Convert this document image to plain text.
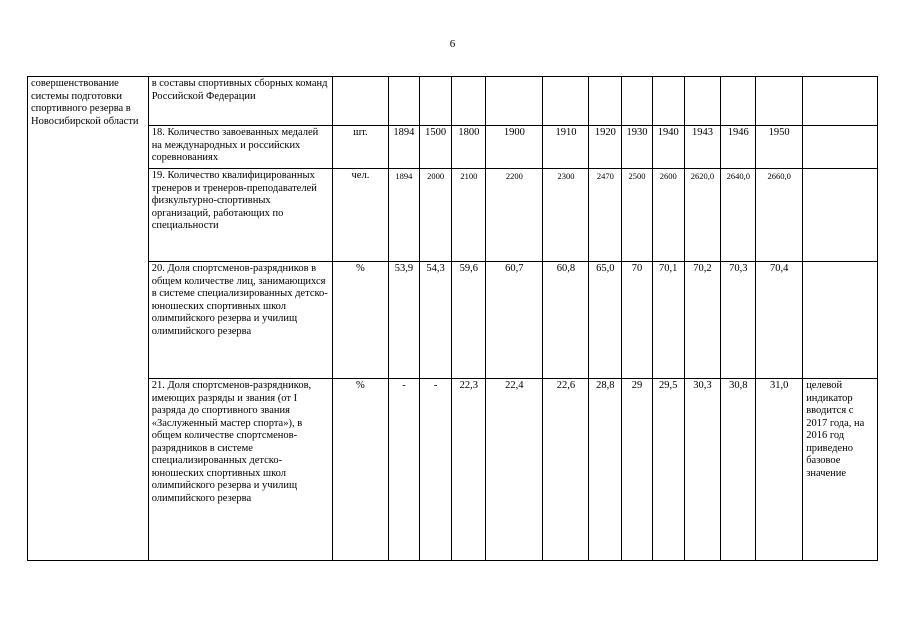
6
совершенствование системы подготовки спортивного резерва в Новосибирской области	в составы спортивных сборных команд Российской Федерации													
	18. Количество завоеванных медалей на международных и российских соревнованиях	шт.	1894	1500	1800	1900	1910	1920	1930	1940	1943	1946	1950	
	19. Количество квалифицированных тренеров и тренеров-преподавателей физкультурно-спортивных организаций, работающих по специальности	чел.	1894	2000	2100	2200	2300	2470	2500	2600	2620,0	2640,0	2660,0	
	20. Доля спортсменов-разрядников в общем количестве лиц, занимающихся в системе специализированных детско-юношеских спортивных школ олимпийского резерва и училищ олимпийского резерва	%	53,9	54,3	59,6	60,7	60,8	65,0	70	70,1	70,2	70,3	70,4	
	21. Доля спортсменов-разрядников, имеющих разряды и звания (от I разряда до спортивного звания «Заслуженный мастер спорта»), в общем количестве спортсменов-разрядников в системе специализированных детско-юношеских спортивных школ олимпийского резерва и училищ олимпийского резерва	%	-	-	22,3	22,4	22,6	28,8	29	29,5	30,3	30,8	31,0	целевой индикатор вводится с 2017 года, на 2016 год приведено базовое значение
